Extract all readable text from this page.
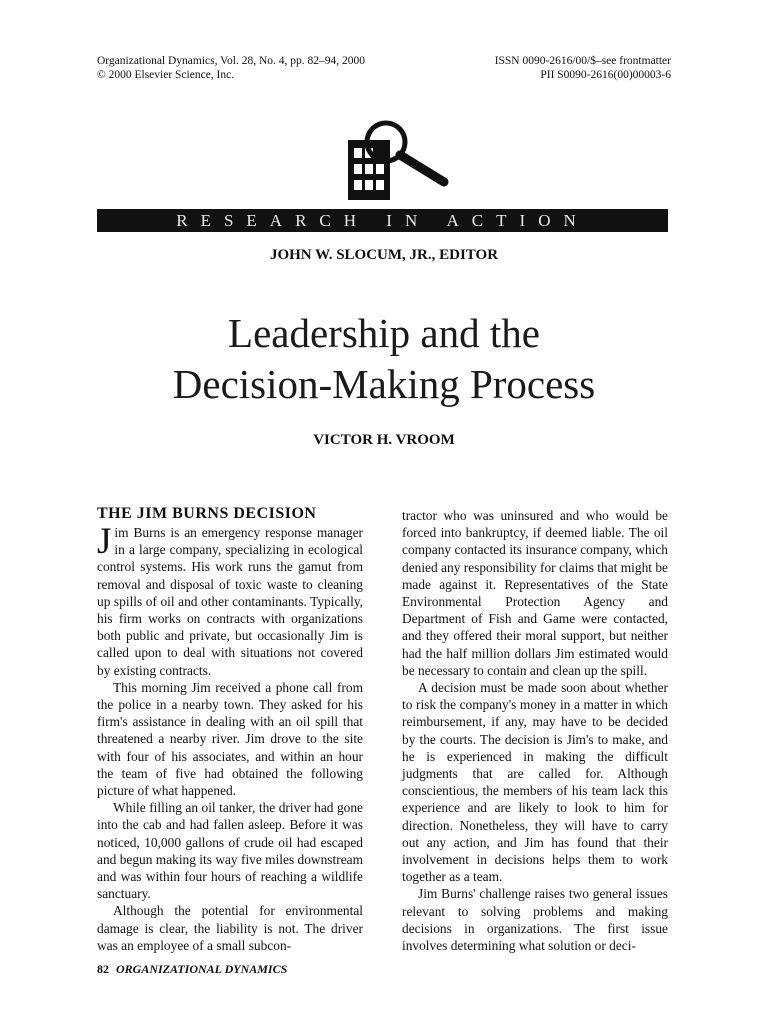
Organizational Dynamics, Vol. 28, No. 4, pp. 82–94, 2000
© 2000 Elsevier Science, Inc.
ISSN 0090-2616/00/$–see frontmatter
PII S0090-2616(00)00003-6
RESEARCH IN ACTION
JOHN W. SLOCUM, JR., EDITOR
Leadership and the
Decision-Making Process
VICTOR H. VROOM
THE JIM BURNS DECISION

Jim Burns is an emergency response manager in a large company, specializing in ecological control systems. His work runs the gamut from removal and disposal of toxic waste to cleaning up spills of oil and other contaminants. Typically, his firm works on contracts with organizations both public and private, but occasionally Jim is called upon to deal with situations not covered by existing contracts.

This morning Jim received a phone call from the police in a nearby town. They asked for his firm's assistance in dealing with an oil spill that threatened a nearby river. Jim drove to the site with four of his associates, and within an hour the team of five had obtained the following picture of what happened.

While filling an oil tanker, the driver had gone into the cab and had fallen asleep. Before it was noticed, 10,000 gallons of crude oil had escaped and begun making its way five miles downstream and was within four hours of reaching a wildlife sanctuary.

Although the potential for environmental damage is clear, the liability is not. The driver was an employee of a small subcon-

tractor who was uninsured and who would be forced into bankruptcy, if deemed liable. The oil company contacted its insurance company, which denied any responsibility for claims that might be made against it. Representatives of the State Environmental Protection Agency and Department of Fish and Game were contacted, and they offered their moral support, but neither had the half million dollars Jim estimated would be necessary to contain and clean up the spill.

A decision must be made soon about whether to risk the company's money in a matter in which reimbursement, if any, may have to be decided by the courts. The decision is Jim's to make, and he is experienced in making the difficult judgments that are called for. Although conscientious, the members of his team lack this experience and are likely to look to him for direction. Nonetheless, they will have to carry out any action, and Jim has found that their involvement in decisions helps them to work together as a team.

Jim Burns' challenge raises two general issues relevant to solving problems and making decisions in organizations. The first issue involves determining what solution or deci-

82 ORGANIZATIONAL DYNAMICS
